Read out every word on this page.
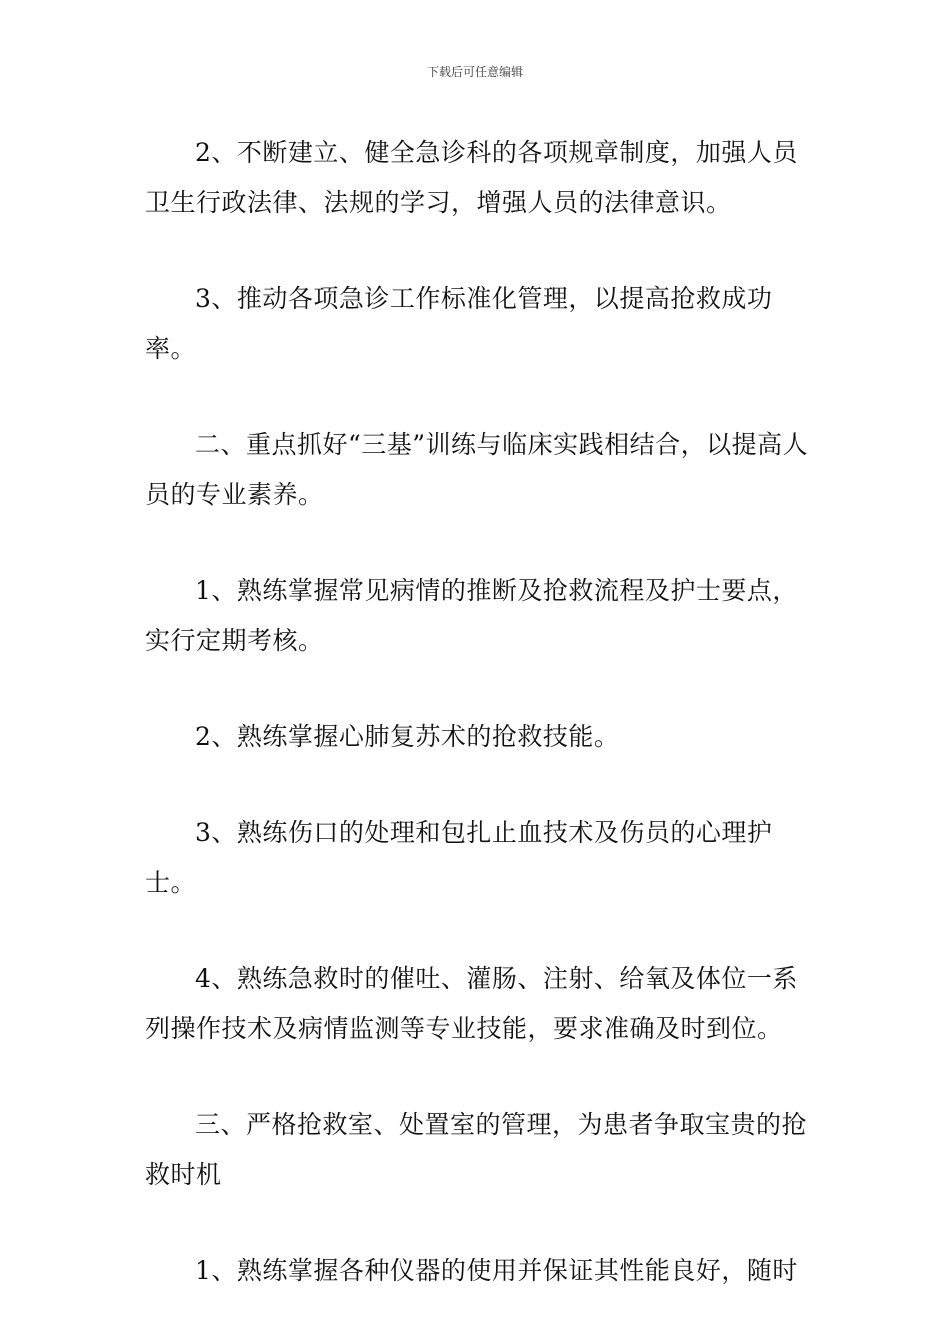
下载后可任意编辑

2、不断建立、健全急诊科的各项规章制度，加强人员卫生行政法律、法规的学习，增强人员的法律意识。

3、推动各项急诊工作标准化管理，以提高抢救成功率。

二、重点抓好“三基”训练与临床实践相结合，以提高人员的专业素养。

1、熟练掌握常见病情的推断及抢救流程及护士要点，实行定期考核。

2、熟练掌握心肺复苏术的抢救技能。

3、熟练伤口的处理和包扎止血技术及伤员的心理护士。

4、熟练急救时的催吐、灌肠、注射、给氧及体位一系列操作技术及病情监测等专业技能，要求准确及时到位。

三、严格抢救室、处置室的管理，为患者争取宝贵的抢救时机

1、熟练掌握各种仪器的使用并保证其性能良好，随时
